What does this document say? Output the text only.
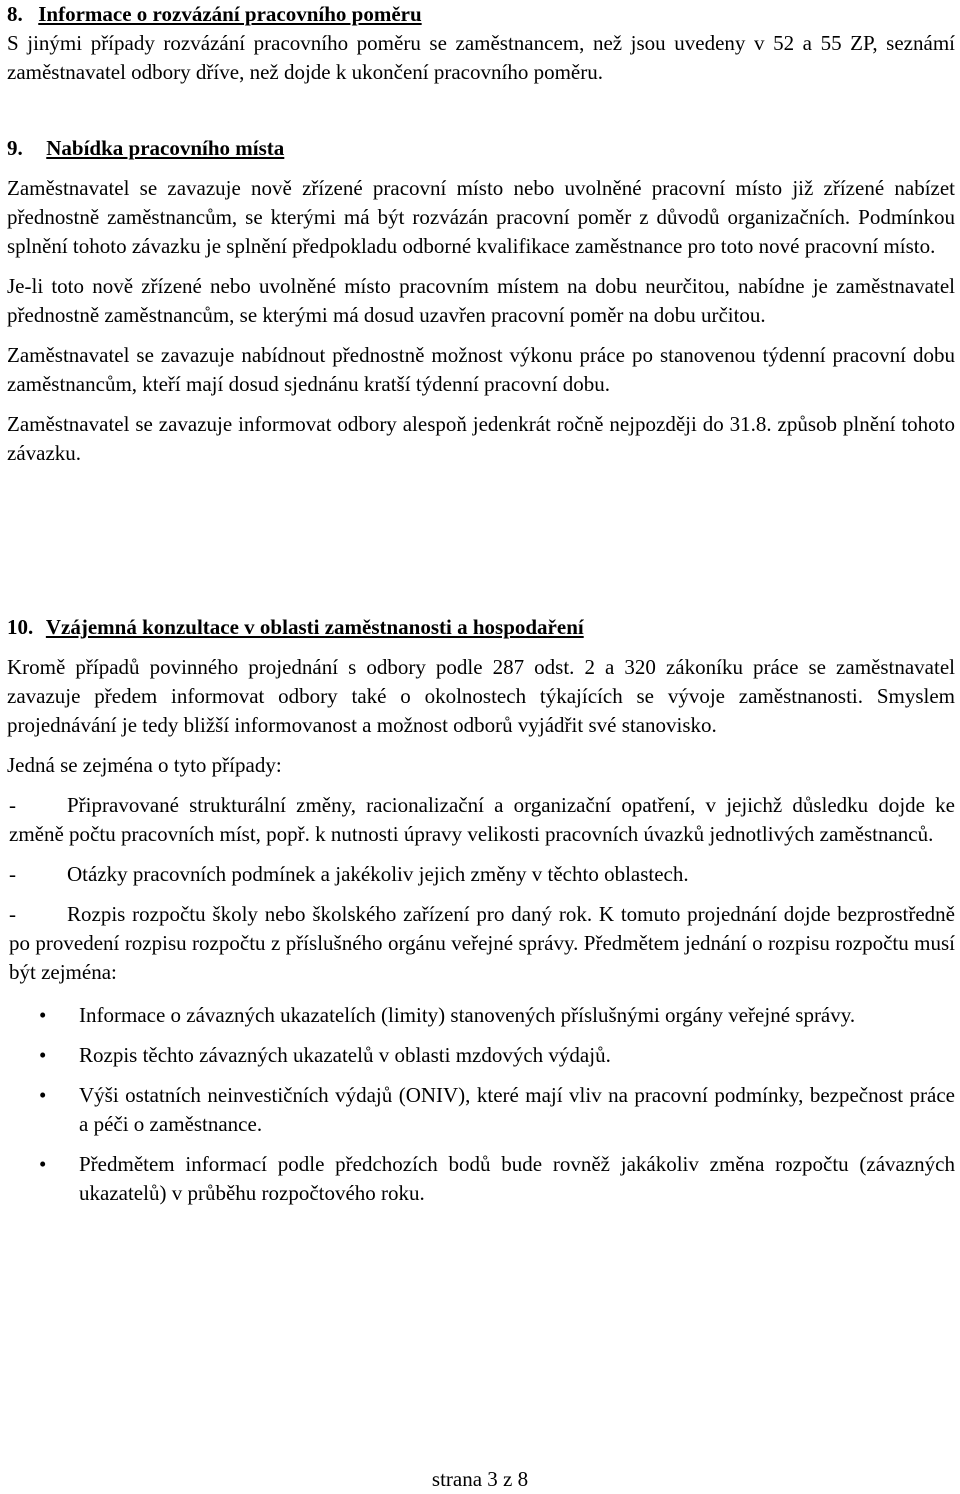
8. Informace o rozvázání pracovního poměru

S jinými případy rozvázání pracovního poměru se zaměstnancem, než jsou uvedeny v 52 a 55 ZP, seznámí zaměstnavatel odbory dříve, než dojde k ukončení pracovního poměru.

9. Nabídka pracovního místa

Zaměstnavatel se zavazuje nově zřízené pracovní místo nebo uvolněné pracovní místo již zřízené nabízet přednostně zaměstnancům, se kterými má být rozvázán pracovní poměr z důvodů organizačních. Podmínkou splnění tohoto závazku je splnění předpokladu odborné kvalifikace zaměstnance pro toto nové pracovní místo.

Je-li toto nově zřízené nebo uvolněné místo pracovním místem na dobu neurčitou, nabídne je zaměstnavatel přednostně zaměstnancům, se kterými má dosud uzavřen pracovní poměr na dobu určitou.

Zaměstnavatel se zavazuje nabídnout přednostně možnost výkonu práce po stanovenou týdenní pracovní dobu zaměstnancům, kteří mají dosud sjednánu kratší týdenní pracovní dobu.

Zaměstnavatel se zavazuje informovat odbory alespoň jedenkrát ročně nejpozději do 31.8. způsob plnění tohoto závazku.

10. Vzájemná konzultace v oblasti zaměstnanosti a hospodaření

Kromě případů povinného projednání s odbory podle 287 odst. 2 a 320 zákoníku práce se zaměstnavatel zavazuje předem informovat odbory také o okolnostech týkajících se vývoje zaměstnanosti. Smyslem projednávání je tedy bližší informovanost a možnost odborů vyjádřit své stanovisko.

Jedná se zejména o tyto případy:

-	Připravované strukturální změny, racionalizační a organizační opatření, v jejichž důsledku dojde ke změně počtu pracovních míst, popř. k nutnosti úpravy velikosti pracovních úvazků jednotlivých zaměstnanců.
-	Otázky pracovních podmínek a jakékoliv jejich změny v těchto oblastech.
-	Rozpis rozpočtu školy nebo školského zařízení pro daný rok. K tomuto projednání dojde bezprostředně po provedení rozpisu rozpočtu z příslušného orgánu veřejné správy. Předmětem jednání o rozpisu rozpočtu musí být zejména:
•	Informace o závazných ukazatelích (limity) stanovených příslušnými orgány veřejné správy.
•	Rozpis těchto závazných ukazatelů v oblasti mzdových výdajů.
•	Výši ostatních neinvestičních výdajů (ONIV), které mají vliv na pracovní podmínky, bezpečnost práce a péči o zaměstnance.
•	Předmětem informací podle předchozích bodů bude rovněž jakákoliv změna rozpočtu (závazných ukazatelů) v průběhu rozpočtového roku.
strana 3 z 8
